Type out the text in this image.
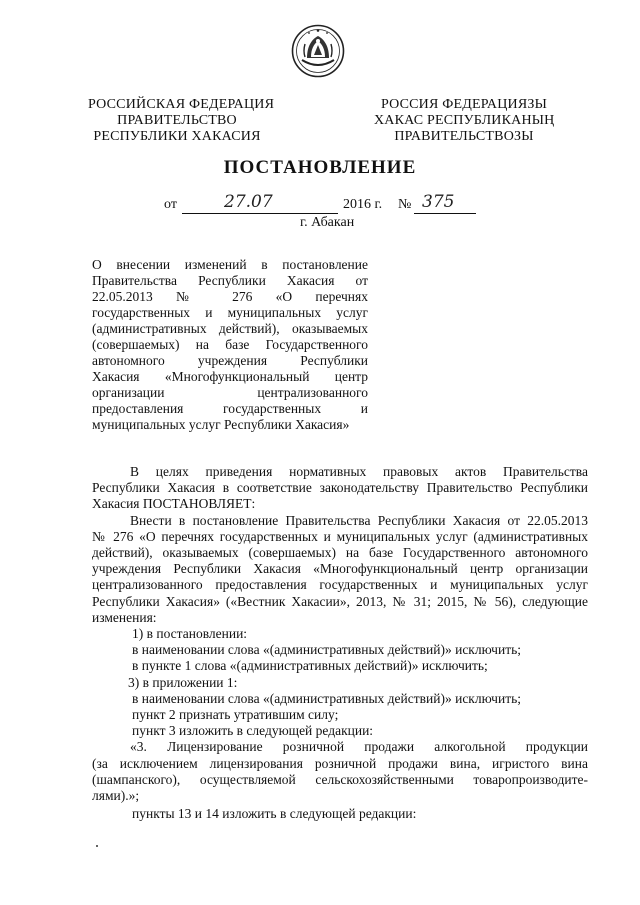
РОССИЙСКАЯ ФЕДЕРАЦИЯ
ПРАВИТЕЛЬСТВО
РЕСПУБЛИКИ ХАКАСИЯ
РОССИЯ ФЕДЕРАЦИЯЗЫ
ХАКАС РЕСПУБЛИКАНЫҢ
ПРАВИТЕЛЬСТВОЗЫ
ПОСТАНОВЛЕНИЕ
от	27.07	2016 г. № 375
г. Абакан
О внесении изменений в постановление
Правительства Республики Хакасия от
22.05.2013 № 276 «О перечнях
государственных и муниципальных услуг
(административных действий), оказываемых
(совершаемых) на базе Государственного
автономного учреждения Республики
Хакасия «Многофункциональный центр
организации централизованного
предоставления государственных и
муниципальных услуг Республики Хакасия»
В целях приведения нормативных правовых актов Правительства
Республики Хакасия в соответствие законодательству Правительство Республики
Хакасия ПОСТАНОВЛЯЕТ:
Внести в постановление Правительства Республики Хакасия от 22.05.2013
№ 276 «О перечнях государственных и муниципальных услуг (административных
действий), оказываемых (совершаемых) на базе Государственного автономного
учреждения Республики Хакасия «Многофункциональный центр организации
централизованного предоставления государственных и муниципальных услуг
Республики Хакасия» («Вестник Хакасии», 2013, № 31; 2015, № 56), следующие
изменения:
1) в постановлении:
в наименовании слова «(административных действий)» исключить;
в пункте 1 слова «(административных действий)» исключить;
3) в приложении 1:
в наименовании слова «(административных действий)» исключить;
пункт 2 признать утратившим силу;
пункт 3 изложить в следующей редакции:
«3. Лицензирование розничной продажи алкогольной продукции
(за исключением лицензирования розничной продажи вина, игристого вина
(шампанского), осуществляемой сельскохозяйственными товаропроизводите-
лями).»;
пункты 13 и 14 изложить в следующей редакции:
